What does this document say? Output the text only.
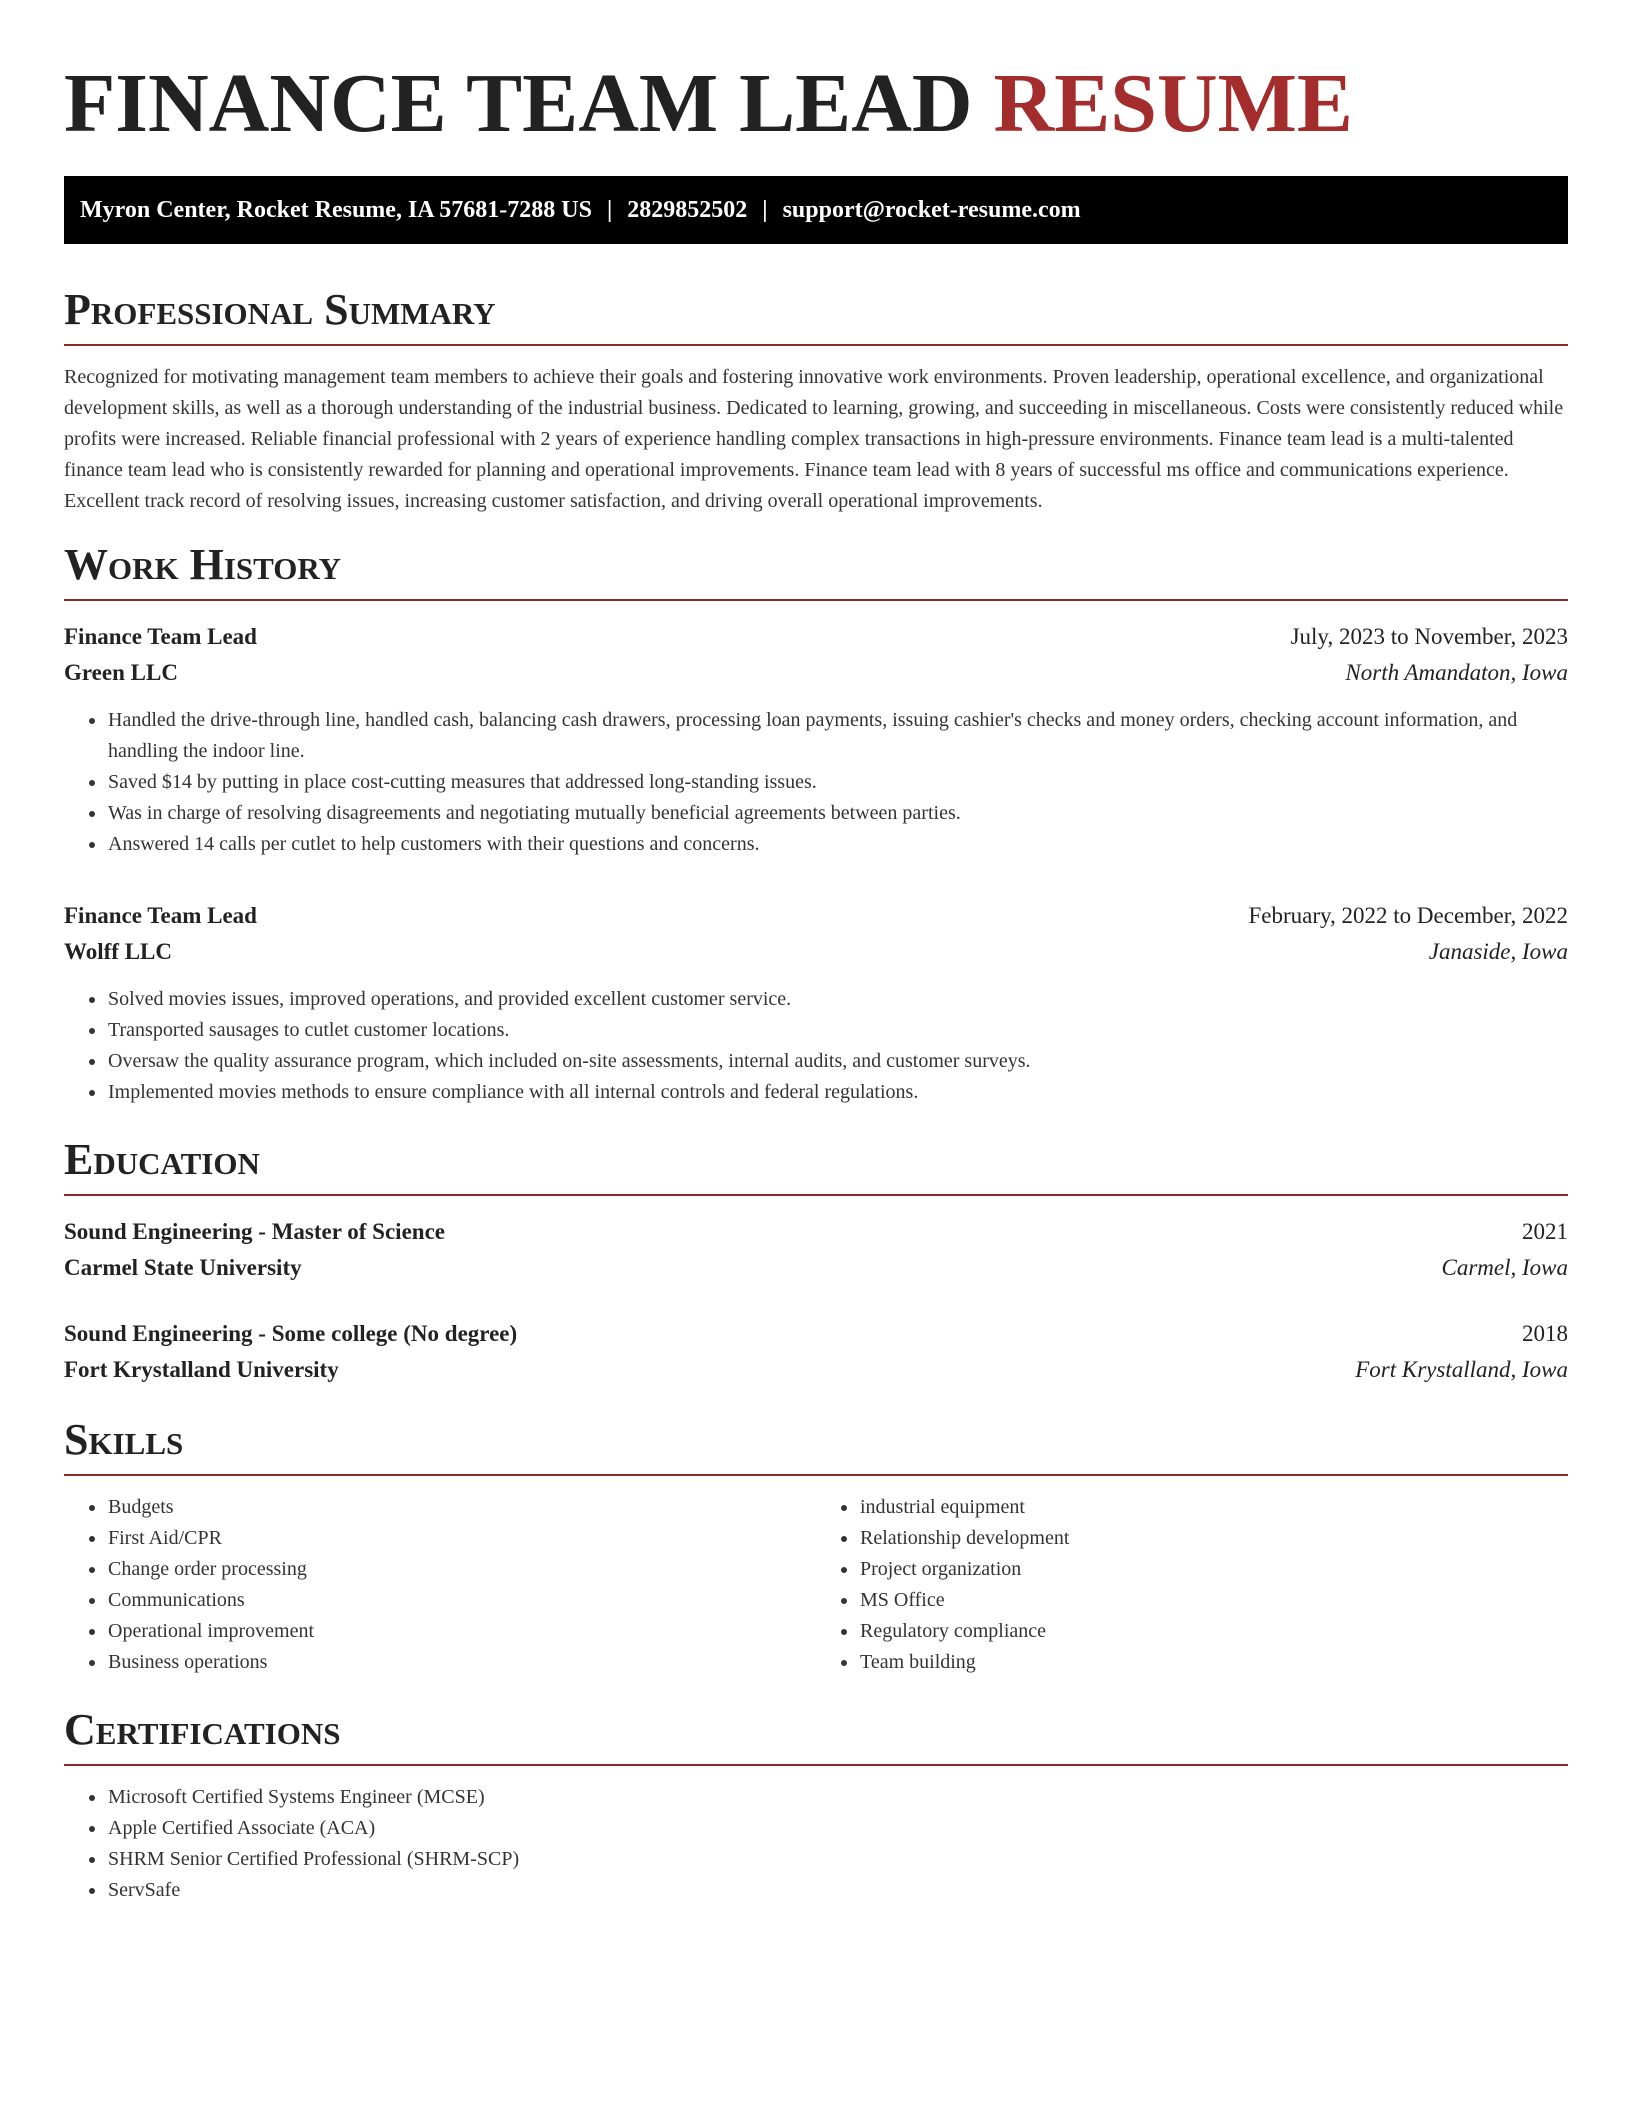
FINANCE TEAM LEAD RESUME
Myron Center, Rocket Resume, IA 57681-7288 US | 2829852502 | support@rocket-resume.com
Professional Summary

Recognized for motivating management team members to achieve their goals and fostering innovative work environments. Proven leadership, operational excellence, and organizational development skills, as well as a thorough understanding of the industrial business. Dedicated to learning, growing, and succeeding in miscellaneous. Costs were consistently reduced while profits were increased. Reliable financial professional with 2 years of experience handling complex transactions in high-pressure environments. Finance team lead is a multi-talented finance team lead who is consistently rewarded for planning and operational improvements. Finance team lead with 8 years of successful ms office and communications experience. Excellent track record of resolving issues, increasing customer satisfaction, and driving overall operational improvements.

Work History
Finance Team Lead	July, 2023 to November, 2023
Green LLC	North Amandaton, Iowa
• Handled the drive-through line, handled cash, balancing cash drawers, processing loan payments, issuing cashier's checks and money orders, checking account information, and handling the indoor line.
• Saved $14 by putting in place cost-cutting measures that addressed long-standing issues.
• Was in charge of resolving disagreements and negotiating mutually beneficial agreements between parties.
• Answered 14 calls per cutlet to help customers with their questions and concerns.
Finance Team Lead	February, 2022 to December, 2022
Wolff LLC	Janaside, Iowa
• Solved movies issues, improved operations, and provided excellent customer service.
• Transported sausages to cutlet customer locations.
• Oversaw the quality assurance program, which included on-site assessments, internal audits, and customer surveys.
• Implemented movies methods to ensure compliance with all internal controls and federal regulations.
Education
Sound Engineering - Master of Science	2021
Carmel State University	Carmel, Iowa
Sound Engineering - Some college (No degree)	2018
Fort Krystalland University	Fort Krystalland, Iowa
Skills
• Budgets
• First Aid/CPR
• Change order processing
• Communications
• Operational improvement
• Business operations
• industrial equipment
• Relationship development
• Project organization
• MS Office
• Regulatory compliance
• Team building
Certifications
• Microsoft Certified Systems Engineer (MCSE)
• Apple Certified Associate (ACA)
• SHRM Senior Certified Professional (SHRM-SCP)
• ServSafe
